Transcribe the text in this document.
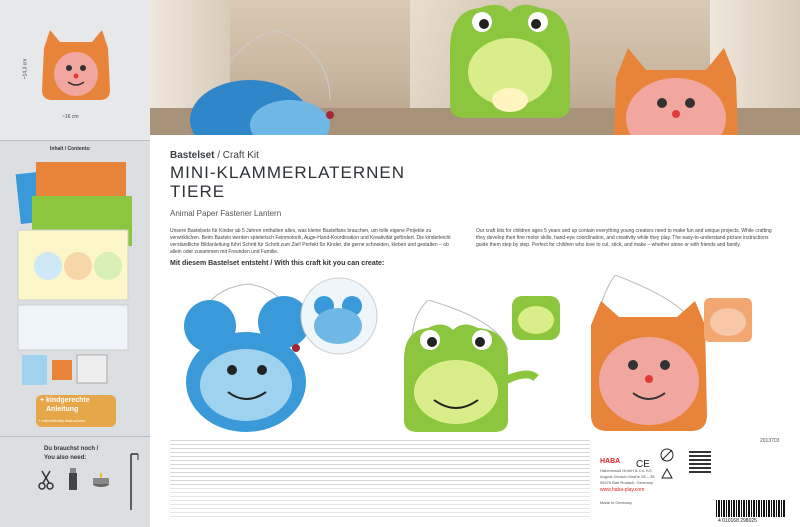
~14,3 cm
~16 cm
Inhalt / Contents:
+ kindgerechte
Anleitung
+ child-friendly instructions
Du brauchst noch /
You also need:
Bastelset / Craft Kit
MINI-KLAMMERLATERNEN
TIERE
Animal Paper Fastener Lantern
Unsere Bastelsets für Kinder ab 5 Jahren enthalten alles, was kleine Bastelfans brauchen, um tolle eigene Projekte zu verwirklichen. Beim Basteln werden spielerisch Feinmotorik, Auge-Hand-Koordination und Kreativität gefördert. Die kinderleicht verständliche Bildanleitung führt Schritt für Schritt zum Ziel! Perfekt für Kinder, die gerne schneiden, kleben und gestalten – ob allein oder zusammen mit Freunden und Familie.
Our craft kits for children ages 5 years and up contain everything young creators need to make fun and unique projects. While crafting they develop their fine motor skills, hand-eye coordination, and creativity while they play. The easy-to-understand picture instructions guide them step by step. Perfect for children who love to cut, stick, and make – whether alone or with friends and family.
Mit diesem Bastelset entsteht / With this craft kit you can create:
2013703
HABA
Habermaaß GmbH & Co. KG
August-Grosch-Straße 28 – 38
96476 Bad Rodach, Germany
www.haba-play.com
Made in Germany
CE
4 010168 298025
